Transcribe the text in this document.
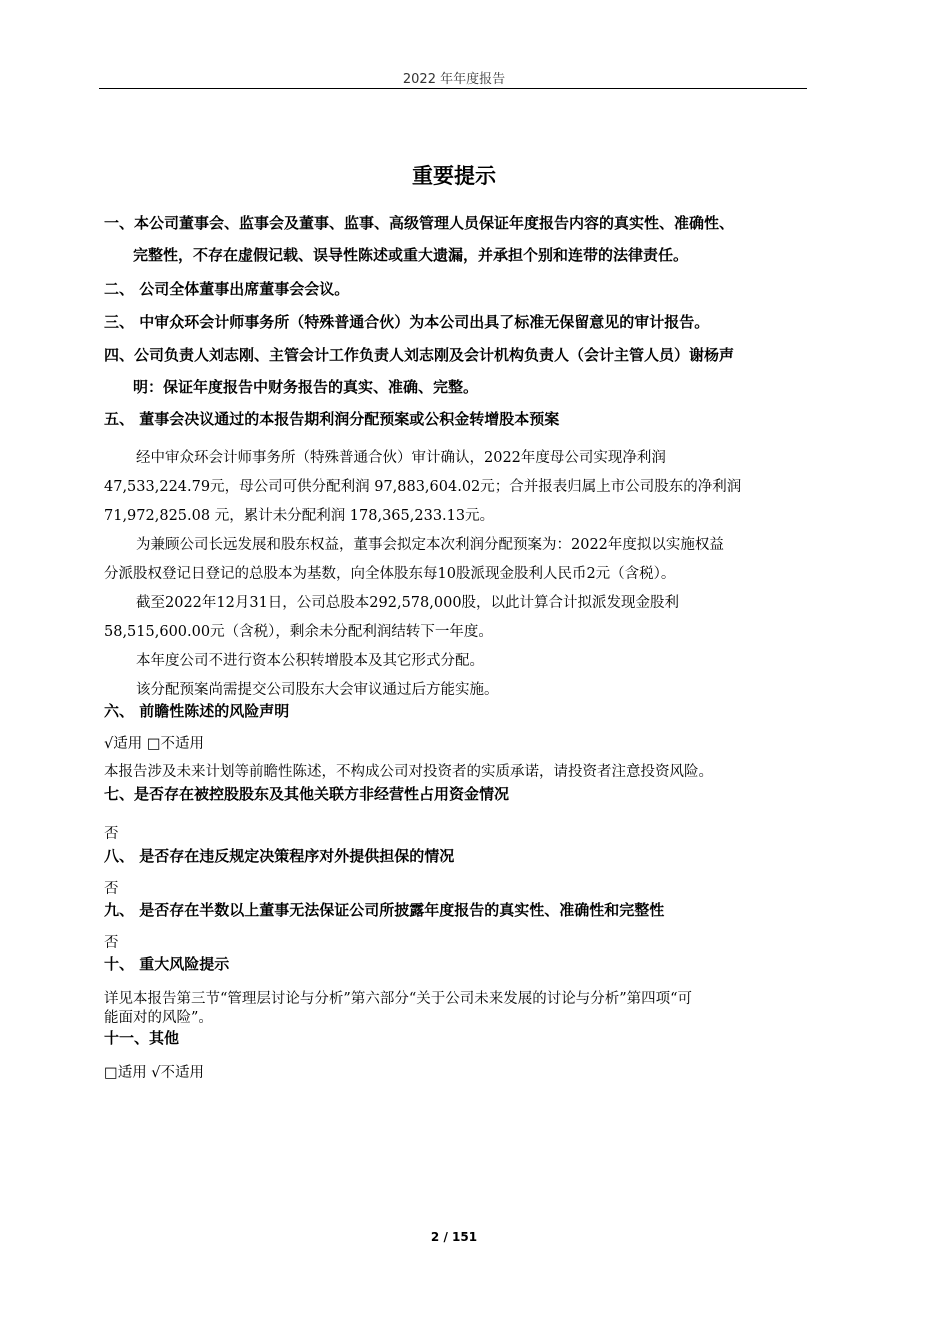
2022 年年度报告
重要提示
一、本公司董事会、监事会及董事、监事、高级管理人员保证年度报告内容的真实性、准确性、
完整性，不存在虚假记载、误导性陈述或重大遗漏，并承担个别和连带的法律责任。
二、 公司全体董事出席董事会会议。
三、 中审众环会计师事务所（特殊普通合伙）为本公司出具了标准无保留意见的审计报告。
四、公司负责人刘志刚、主管会计工作负责人刘志刚及会计机构负责人（会计主管人员）谢杨声
明：保证年度报告中财务报告的真实、准确、完整。
五、 董事会决议通过的本报告期利润分配预案或公积金转增股本预案
经中审众环会计师事务所（特殊普通合伙）审计确认，2022年度母公司实现净利润
47,533,224.79元，母公司可供分配利润 97,883,604.02元；合并报表归属上市公司股东的净利润
71,972,825.08 元，累计未分配利润 178,365,233.13元。
为兼顾公司长远发展和股东权益，董事会拟定本次利润分配预案为：2022年度拟以实施权益
分派股权登记日登记的总股本为基数，向全体股东每10股派现金股利人民币2元（含税）。
截至2022年12月31日，公司总股本292,578,000股，以此计算合计拟派发现金股利
58,515,600.00元（含税），剩余未分配利润结转下一年度。
本年度公司不进行资本公积转增股本及其它形式分配。
该分配预案尚需提交公司股东大会审议通过后方能实施。
六、 前瞻性陈述的风险声明
√适用 □不适用
本报告涉及未来计划等前瞻性陈述，不构成公司对投资者的实质承诺，请投资者注意投资风险。
七、是否存在被控股股东及其他关联方非经营性占用资金情况
否
八、 是否存在违反规定决策程序对外提供担保的情况
否
九、 是否存在半数以上董事无法保证公司所披露年度报告的真实性、准确性和完整性
否
十、 重大风险提示
详见本报告第三节“管理层讨论与分析”第六部分“关于公司未来发展的讨论与分析”第四项“可
能面对的风险”。
十一、其他
□适用 √不适用
2 / 151
